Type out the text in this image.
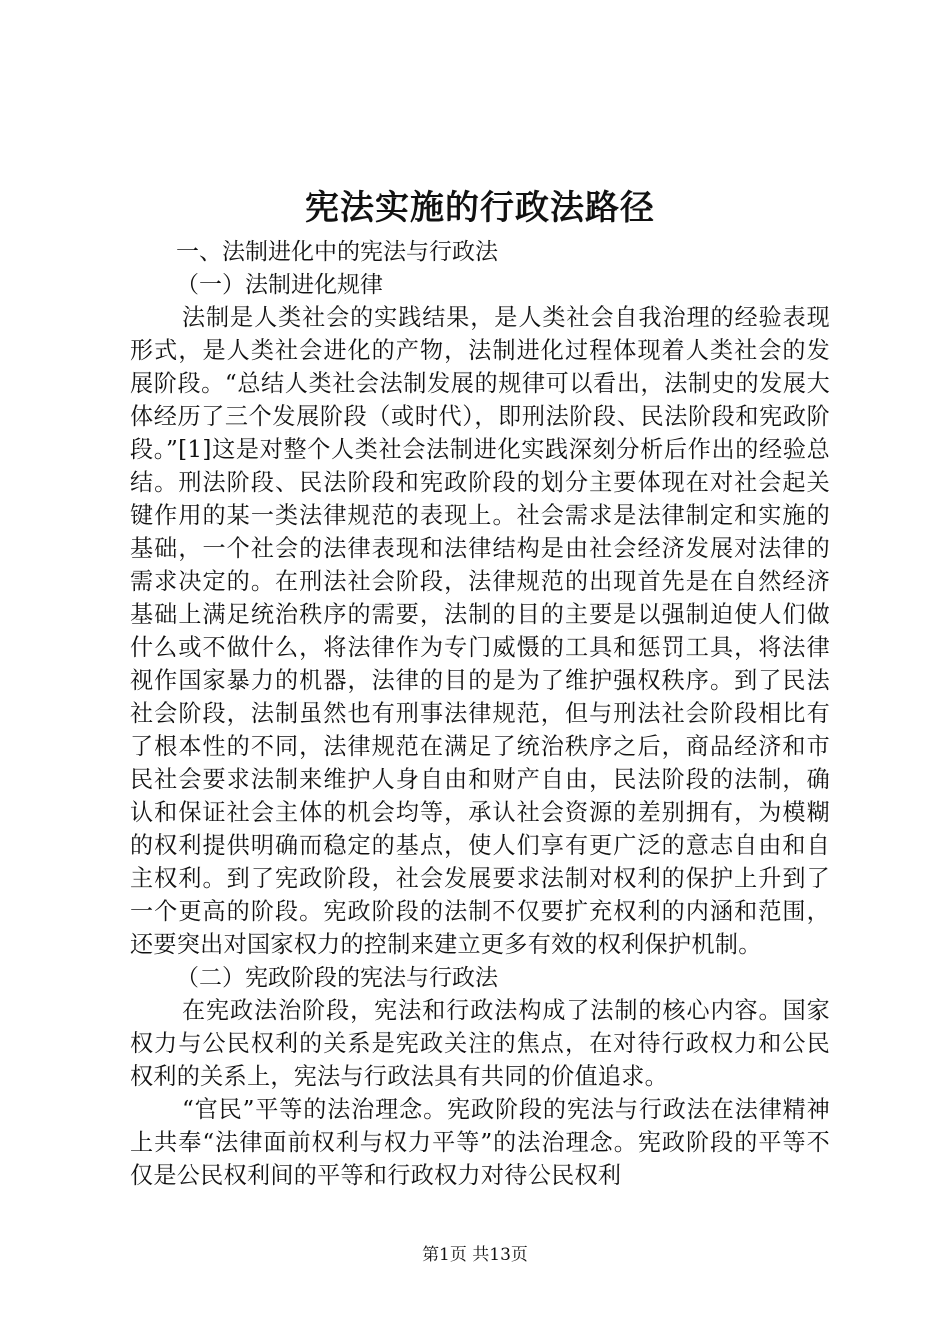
宪法实施的行政法路径

一、法制进化中的宪法与行政法

（一）法制进化规律

法制是人类社会的实践结果，是人类社会自我治理的经验表现形式，是人类社会进化的产物，法制进化过程体现着人类社会的发展阶段。“总结人类社会法制发展的规律可以看出，法制史的发展大体经历了三个发展阶段（或时代），即刑法阶段、民法阶段和宪政阶段。”[1]这是对整个人类社会法制进化实践深刻分析后作出的经验总结。刑法阶段、民法阶段和宪政阶段的划分主要体现在对社会起关键作用的某一类法律规范的表现上。社会需求是法律制定和实施的基础，一个社会的法律表现和法律结构是由社会经济发展对法律的需求决定的。在刑法社会阶段，法律规范的出现首先是在自然经济基础上满足统治秩序的需要，法制的目的主要是以强制迫使人们做什么或不做什么，将法律作为专门威慑的工具和惩罚工具，将法律视作国家暴力的机器，法律的目的是为了维护强权秩序。到了民法社会阶段，法制虽然也有刑事法律规范，但与刑法社会阶段相比有了根本性的不同，法律规范在满足了统治秩序之后，商品经济和市民社会要求法制来维护人身自由和财产自由，民法阶段的法制，确认和保证社会主体的机会均等，承认社会资源的差别拥有，为模糊的权利提供明确而稳定的基点，使人们享有更广泛的意志自由和自主权利。到了宪政阶段，社会发展要求法制对权利的保护上升到了一个更高的阶段。宪政阶段的法制不仅要扩充权利的内涵和范围，还要突出对国家权力的控制来建立更多有效的权利保护机制。

（二）宪政阶段的宪法与行政法

在宪政法治阶段，宪法和行政法构成了法制的核心内容。国家权力与公民权利的关系是宪政关注的焦点，在对待行政权力和公民权利的关系上，宪法与行政法具有共同的价值追求。

“官民”平等的法治理念。宪政阶段的宪法与行政法在法律精神上共奉“法律面前权利与权力平等”的法治理念。宪政阶段的平等不仅是公民权利间的平等和行政权力对待公民权利

第1页 共13页
